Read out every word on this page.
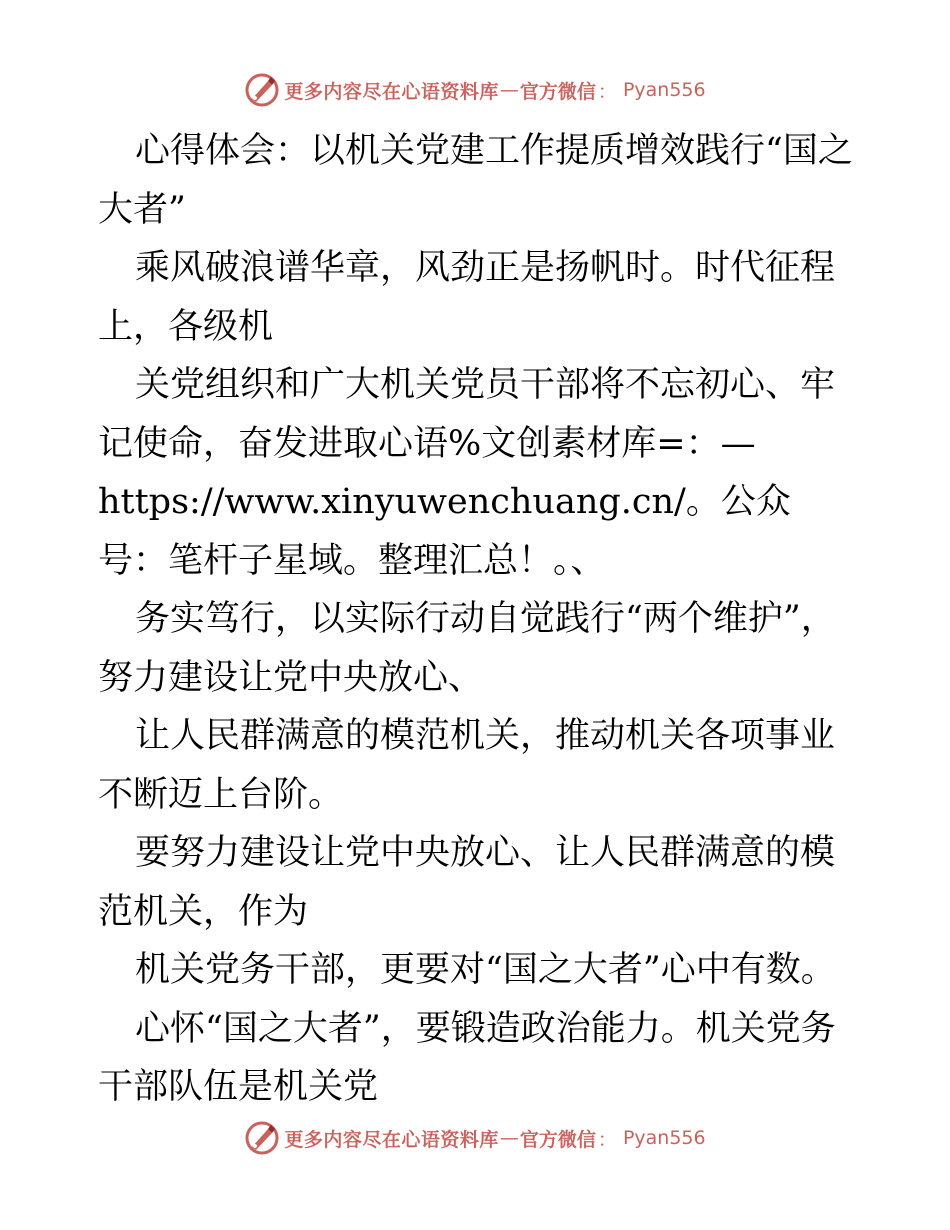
更多内容尽在心语资料库 — 官方微信 ： Pyan556

心得体会：以机关党建工作提质增效践行“国之大者”

乘风破浪谱华章，风劲正是扬帆时。时代征程上，各级机

关党组织和广大机关党员干部将不忘初心、牢记使命，奋发进取心语%文创素材库=：—https://www.xinyuwenchuang.cn/。公众号：笔杆子星域。整理汇总！。、

务实笃行，以实际行动自觉践行“两个维护”，努力建设让党中央放心、

让人民群满意的模范机关，推动机关各项事业不断迈上台阶。

要努力建设让党中央放心、让人民群满意的模范机关，作为

机关党务干部，更要对“国之大者”心中有数。

心怀“国之大者”，要锻造政治能力。机关党务干部队伍是机关党

更多内容尽在心语资料库 — 官方微信 ： Pyan556
